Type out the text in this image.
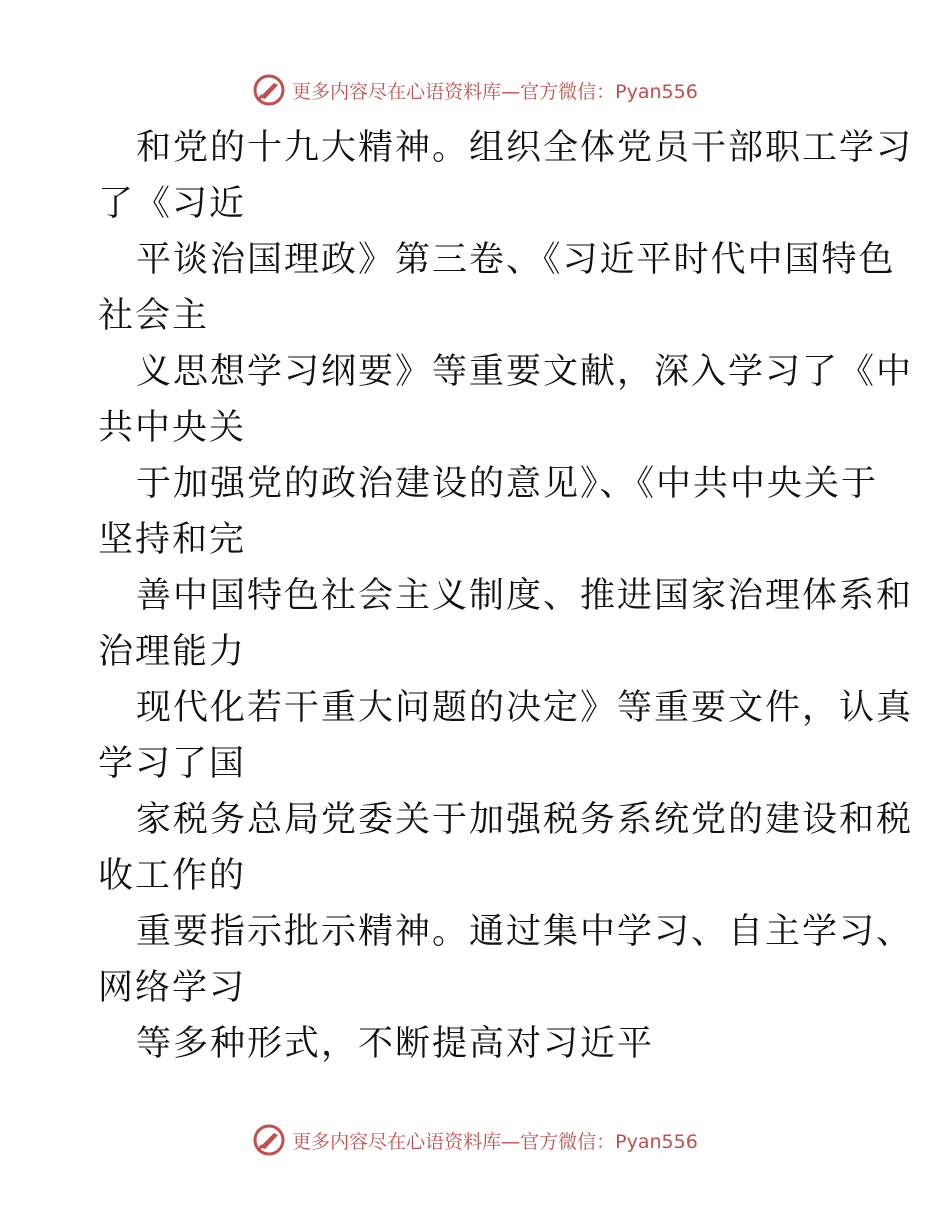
更多内容尽在心语资料库—官方微信：Pyan556
和党的十九大精神。组织全体党员干部职工学习
了《习近
平谈治国理政》第三卷、《习近平时代中国特色
社会主
义思想学习纲要》等重要文献，深入学习了《中
共中央关
于加强党的政治建设的意见》、《中共中央关于
坚持和完
善中国特色社会主义制度、推进国家治理体系和
治理能力
现代化若干重大问题的决定》等重要文件，认真
学习了国
家税务总局党委关于加强税务系统党的建设和税
收工作的
重要指示批示精神。通过集中学习、自主学习、
网络学习
等多种形式，不断提高对习近平
更多内容尽在心语资料库—官方微信：Pyan556
